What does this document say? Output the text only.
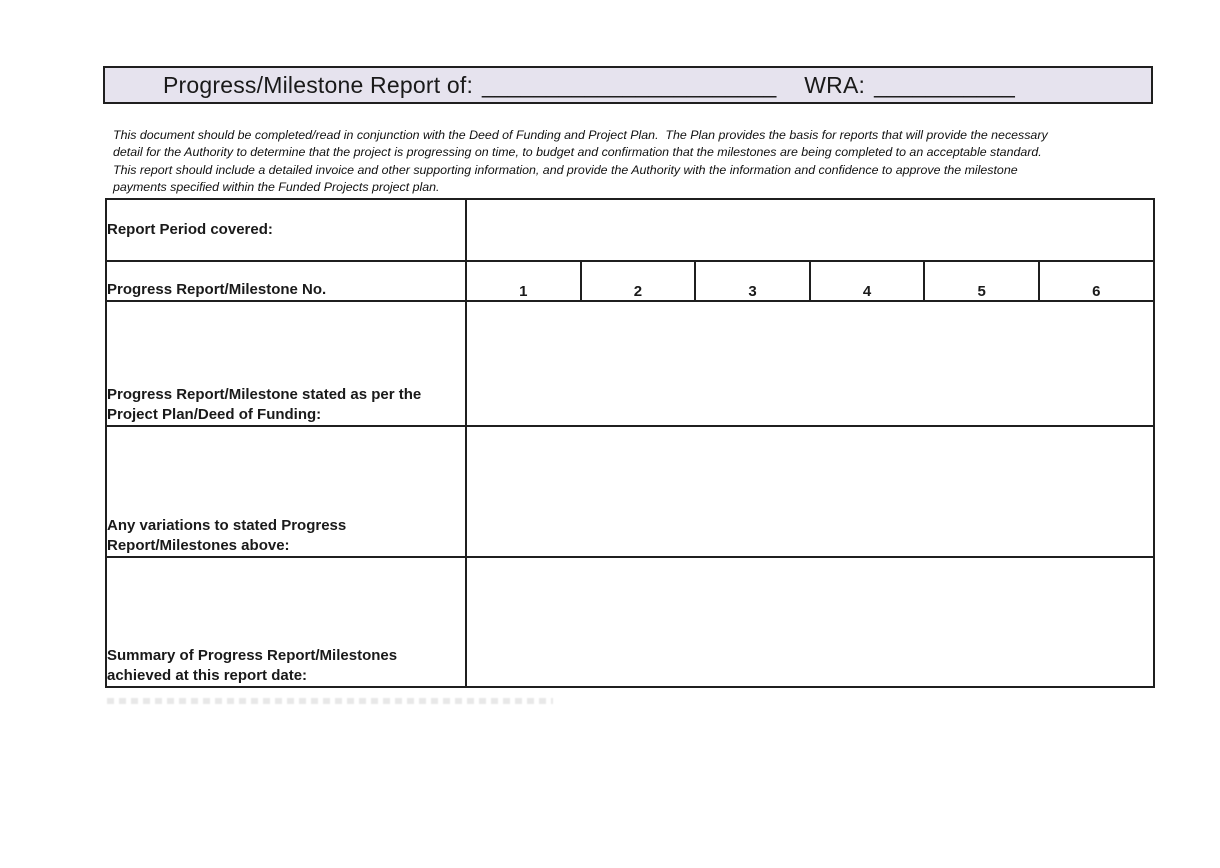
Progress/Milestone Report of: _______________________ WRA: ___________
This document should be completed/read in conjunction with the Deed of Funding and Project Plan.  The Plan provides the basis for reports that will provide the necessary
detail for the Authority to determine that the project is progressing on time, to budget and confirmation that the milestones are being completed to an acceptable standard.
This report should include a detailed invoice and other supporting information, and provide the Authority with the information and confidence to approve the milestone
payments specified within the Funded Projects project plan.
Report Period covered:						
Progress Report/Milestone No.	1	2	3	4	5	6
Progress Report/Milestone stated as per the Project Plan/Deed of Funding:						
Any variations to stated Progress Report/Milestones above:						
Summary of Progress Report/Milestones achieved at this report date:						
